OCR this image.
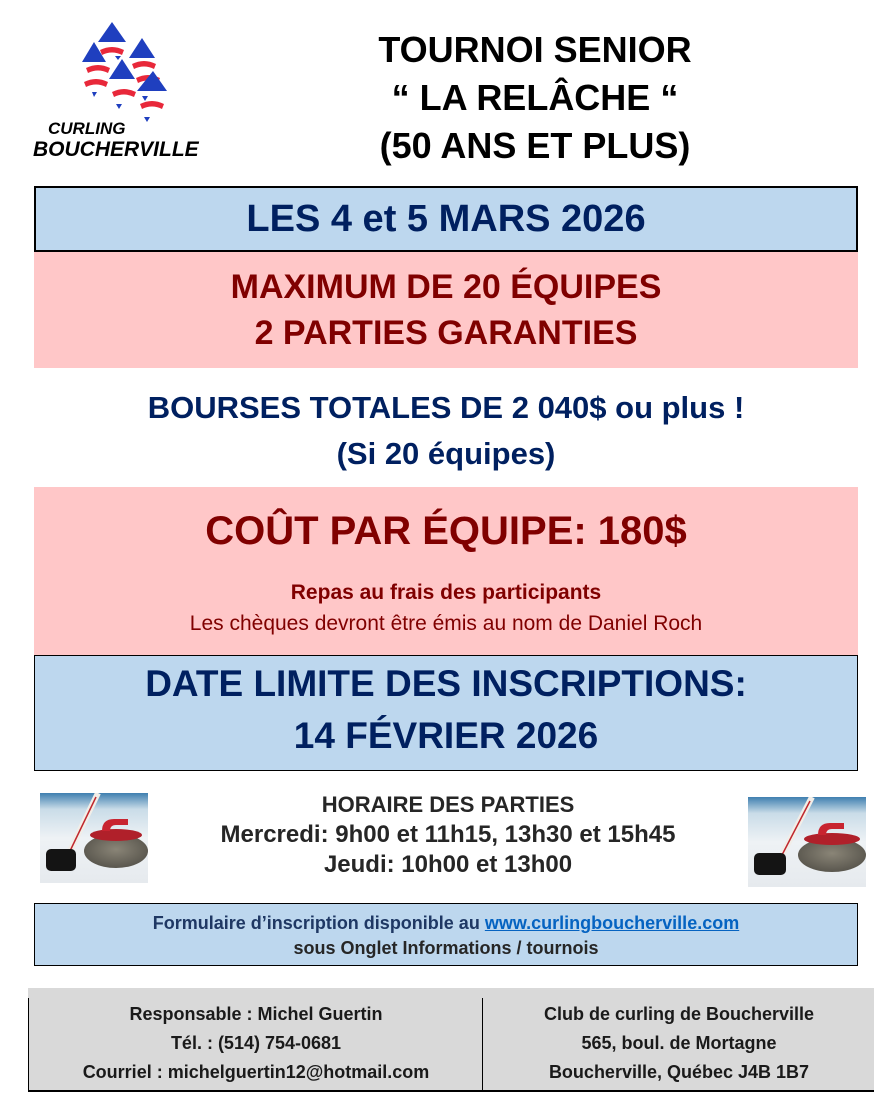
CURLING
BOUCHERVILLE
TOURNOI SENIOR
“ LA RELÂCHE “
(50 ANS ET PLUS)
LES 4 et 5 MARS 2026
MAXIMUM DE 20 ÉQUIPES
2 PARTIES GARANTIES
BOURSES TOTALES DE 2 040$ ou plus !
(Si 20 équipes)
COÛT PAR ÉQUIPE: 180$
Repas au frais des participants
Les chèques devront être émis au nom de Daniel Roch
DATE LIMITE DES INSCRIPTIONS:
14 FÉVRIER 2026
HORAIRE DES PARTIES
Mercredi: 9h00 et 11h15, 13h30 et 15h45
Jeudi: 10h00 et 13h00
Formulaire d’inscription disponible au www.curlingboucherville.com
sous Onglet Informations / tournois
Responsable : Michel Guertin
Tél. : (514) 754-0681
Courriel : michelguertin12@hotmail.com
Club de curling de Boucherville
565, boul. de Mortagne
Boucherville, Québec J4B 1B7
